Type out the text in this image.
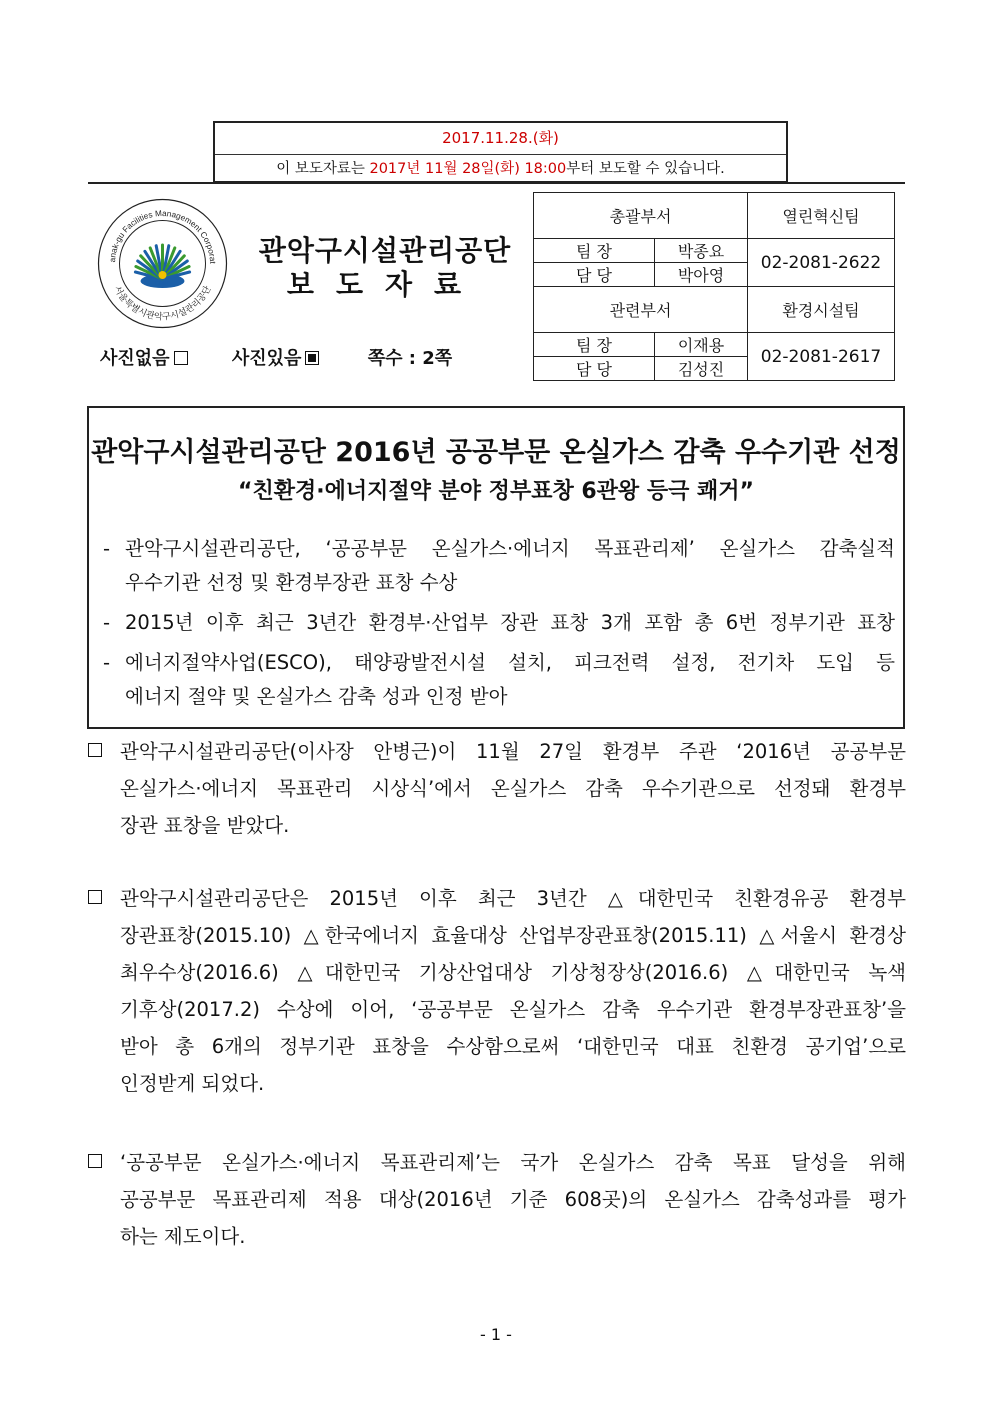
2017.11.28.(화)
이 보도자료는 2017년 11월 28일(화) 18:00부터 보도할 수 있습니다.
anak-gu Facilities Management Corporat
서울특별시관악구시설관리공단
GFMC
관악구시설관리공단
보도자료
사진없음	사진있음	쪽수 : 2쪽
총괄부서		열린혁신팀
팀 장	박종요	02-2081-2622
담 당	박아영	
관련부서		환경시설팀
팀 장	이재용	02-2081-2617
담 당	김성진	
관악구시설관리공단 2016년 공공부문 온실가스 감축 우수기관 선정
“친환경·에너지절약 분야 정부표창 6관왕 등극 쾌거”
- 관악구시설관리공단, ‘공공부문 온실가스·에너지 목표관리제’ 온실가스 감축실적
우수기관 선정 및 환경부장관 표창 수상
- 2015년 이후 최근 3년간 환경부·산업부 장관 표창 3개 포함 총 6번 정부기관 표창
- 에너지절약사업(ESCO), 태양광발전시설 설치, 피크전력 설정, 전기차 도입 등
에너지 절약 및 온실가스 감축 성과 인정 받아
관악구시설관리공단(이사장 안병근)이 11월 27일 환경부 주관 ‘2016년 공공부문
온실가스·에너지 목표관리 시상식’에서 온실가스 감축 우수기관으로 선정돼 환경부
장관 표창을 받았다.
관악구시설관리공단은 2015년 이후 최근 3년간 △대한민국 친환경유공 환경부
장관표창(2015.10) △한국에너지 효율대상 산업부장관표창(2015.11) △서울시 환경상
최우수상(2016.6) △대한민국 기상산업대상 기상청장상(2016.6) △대한민국 녹색
기후상(2017.2) 수상에 이어, ‘공공부문 온실가스 감축 우수기관 환경부장관표창’을
받아 총 6개의 정부기관 표창을 수상함으로써 ‘대한민국 대표 친환경 공기업’으로
인정받게 되었다.
‘공공부문 온실가스·에너지 목표관리제’는 국가 온실가스 감축 목표 달성을 위해
공공부문 목표관리제 적용 대상(2016년 기준 608곳)의 온실가스 감축성과를 평가
하는 제도이다.
- 1 -
